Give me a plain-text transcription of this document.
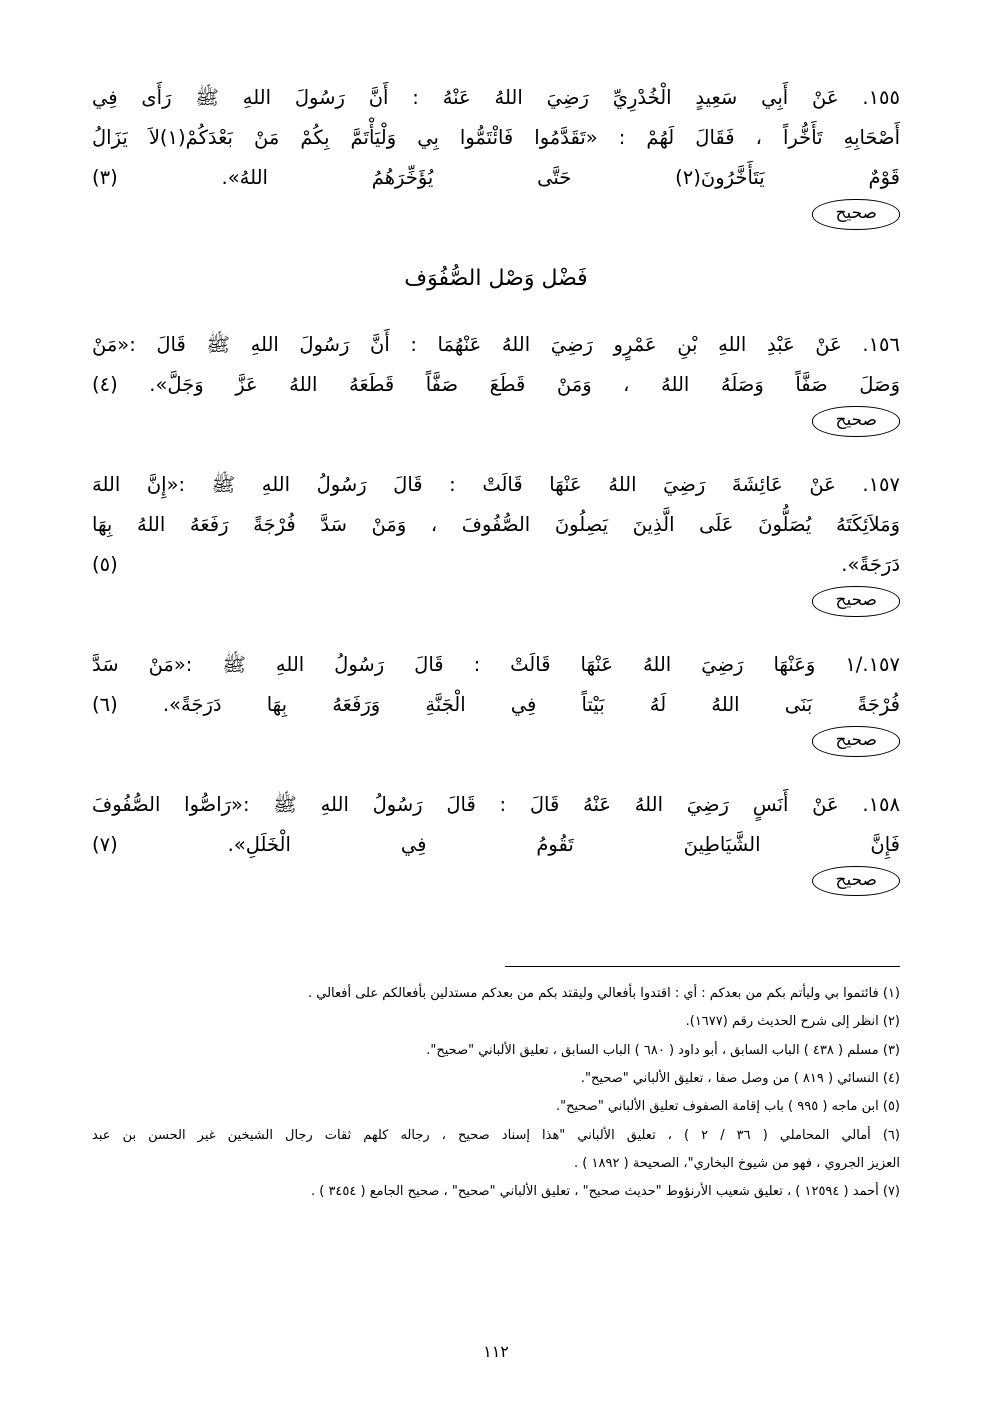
١٥٥. عَنْ أَبِي سَعِيدٍ الْخُدْرِيِّ رَضِيَ اللهُ عَنْهُ : أَنَّ رَسُولَ اللهِ ﷺ رَأَى فِي
أَصْحَابِهِ تَأَخُّراً ، فَقَالَ لَهُمْ : «تَقَدَّمُوا فَائْتَمُّوا بِي وَلْيَأْتَمَّ بِكُمْ مَنْ بَعْدَكُمْ(١)لاَ يَزَالُ
قَوْمٌ يَتَأَخَّرُونَ(٢) حَتَّى يُؤَخِّرَهُمُ اللهُ». (٣)
صحيح
فَضْل وَصْل الصُّفُوَف
١٥٦. عَنْ عَبْدِ اللهِ بْنِ عَمْرٍو رَضِيَ اللهُ عَنْهُمَا : أَنَّ رَسُولَ اللهِ ﷺ قَالَ :«مَنْ
وَصَلَ صَفَّاً وَصَلَهُ اللهُ ، وَمَنْ قَطَعَ صَفَّاً قَطَعَهُ اللهُ عَزَّ وَجَلَّ». (٤)
صحيح
١٥٧. عَنْ عَائِشَةَ رَضِيَ اللهُ عَنْهَا قَالَتْ : قَالَ رَسُولُ اللهِ ﷺ :«إِنَّ اللهَ
وَمَلاَئِكَتَهُ يُصَلُّونَ عَلَى الَّذِينَ يَصِلُونَ الصُّفُوفَ ، وَمَنْ سَدَّ فُرْجَةً رَفَعَهُ اللهُ بِهَا
دَرَجَةً». (٥)
صحيح
١٥٧./١ وَعَنْهَا رَضِيَ اللهُ عَنْهَا قَالَتْ : قَالَ رَسُولُ اللهِ ﷺ :«مَنْ سَدَّ
فُرْجَةً بَنَى اللهُ لَهُ بَيْتاً فِي الْجَنَّةِ وَرَفَعَهُ بِهَا دَرَجَةً». (٦)
صحيح
١٥٨. عَنْ أَنَسٍ رَضِيَ اللهُ عَنْهُ قَالَ : قَالَ رَسُولُ اللهِ ﷺ :«رَاصُّوا الصُّفُوفَ
فَإِنَّ الشَّيَاطِينَ تَقُومُ فِي الْخَلَلِ». (٧)
صحيح

(١) فائتموا بي وليأتم بكم من بعدكم : أي : اقتدوا بأفعالي وليقتد بكم من بعدكم مستدلين بأفعالكم على أفعالي .

(٢) انظر إلى شرح الحديث رقم (١٦٧٧).

(٣) مسلم ( ٤٣٨ ) الباب السابق ، أبو داود ( ٦٨٠ ) الباب السابق ، تعليق الألباني "صحيح".

(٤) النسائي ( ٨١٩ ) من وصل صفا ، تعليق الألباني "صحيح".

(٥) ابن ماجه ( ٩٩٥ ) باب إقامة الصفوف تعليق الألباني "صحيح".

(٦) أمالي المحاملي ( ٣٦ / ٢ ) ، تعليق الألباني "هذا إسناد صحيح ، رجاله كلهم ثقات رجال الشيخين غير الحسن بن عبد

العزيز الجروي ، فهو من شيوخ البخاري"، الصحيحة ( ١٨٩٢ ) .

(٧) أحمد ( ١٢٥٩٤ ) ، تعليق شعيب الأرنؤوط "حديث صحيح" ، تعليق الألباني "صحيح" ، صحيح الجامع ( ٣٤٥٤ ) .

١١٢
